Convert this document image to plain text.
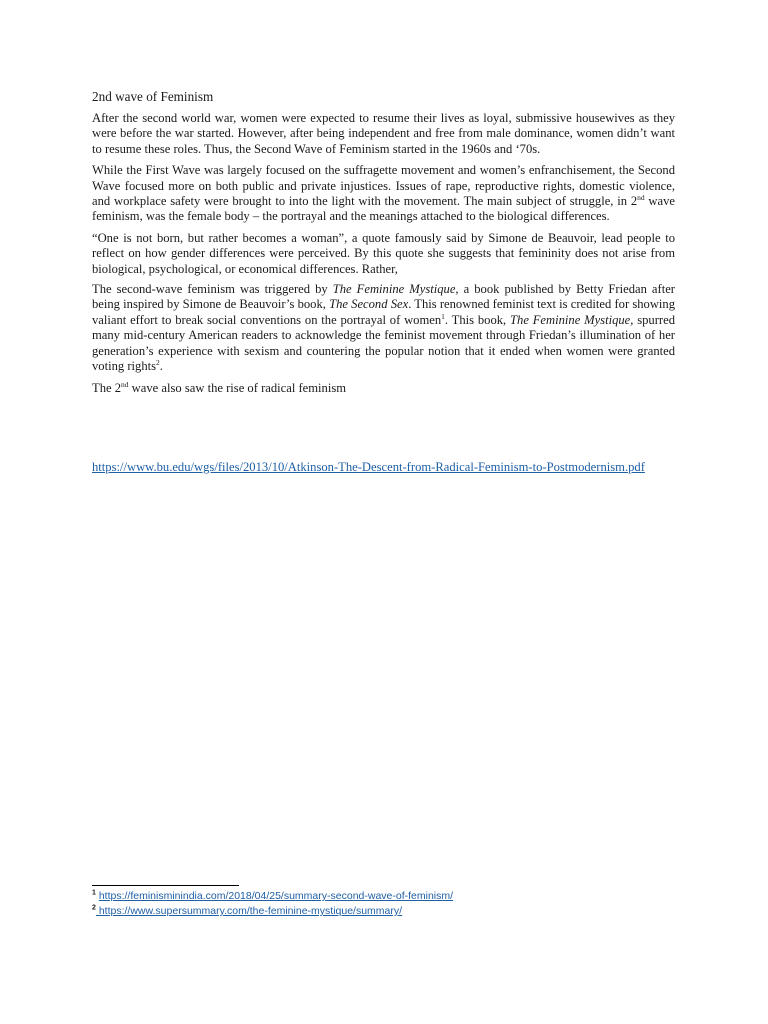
2nd wave of Feminism

After the second world war, women were expected to resume their lives as loyal, submissive housewives as they were before the war started. However, after being independent and free from male dominance, women didn’t want to resume these roles. Thus, the Second Wave of Feminism started in the 1960s and ‘70s.

While the First Wave was largely focused on the suffragette movement and women’s enfranchisement, the Second Wave focused more on both public and private injustices. Issues of rape, reproductive rights, domestic violence, and workplace safety were brought to into the light with the movement. The main subject of struggle, in 2nd wave feminism, was the female body – the portrayal and the meanings attached to the biological differences.

“One is not born, but rather becomes a woman”, a quote famously said by Simone de Beauvoir, lead people to reflect on how gender differences were perceived. By this quote she suggests that femininity does not arise from biological, psychological, or economical differences. Rather,

The second-wave feminism was triggered by The Feminine Mystique, a book published by Betty Friedan after being inspired by Simone de Beauvoir’s book, The Second Sex. This renowned feminist text is credited for showing valiant effort to break social conventions on the portrayal of women$^1$. This book, The Feminine Mystique, spurred many mid-century American readers to acknowledge the feminist movement through Friedan’s illumination of her generation’s experience with sexism and countering the popular notion that it ended when women were granted voting rights$^2$.

The 2nd wave also saw the rise of radical feminism

https://www.bu.edu/wgs/files/2013/10/Atkinson-The-Descent-from-Radical-Feminism-to-Postmodernism.pdf
$^1$ https://feminisminindia.com/2018/04/25/summary-second-wave-of-feminism/
$^2$ https://www.supersummary.com/the-feminine-mystique/summary/
